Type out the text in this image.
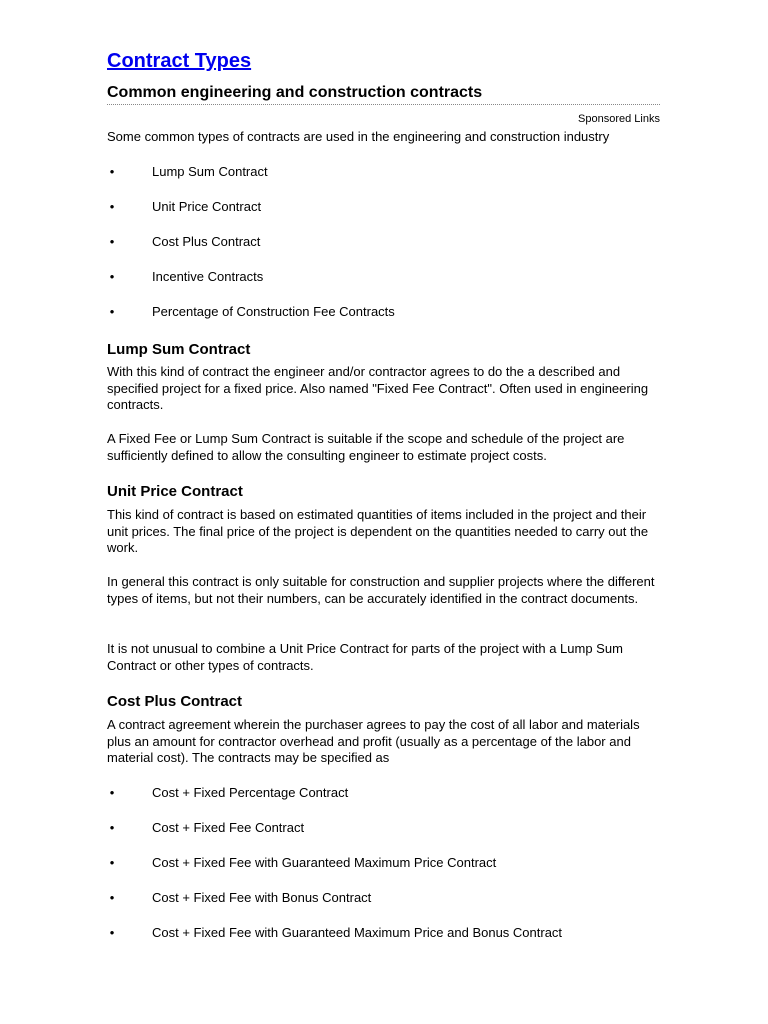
Contract Types
Common engineering and construction contracts
Sponsored Links
Some common types of contracts are used in the engineering and construction industry
•	Lump Sum Contract
•	Unit Price Contract
•	Cost Plus Contract
•	Incentive Contracts
•	Percentage of Construction Fee Contracts
Lump Sum Contract
With this kind of contract the engineer and/or contractor agrees to do the a described and specified project for a fixed price. Also named "Fixed Fee Contract". Often used in engineering contracts.
A Fixed Fee or Lump Sum Contract is suitable if the scope and schedule of the project are sufficiently defined to allow the consulting engineer to estimate project costs.
Unit Price Contract
This kind of contract is based on estimated quantities of items included in the project and their unit prices. The final price of the project is dependent on the quantities needed to carry out the work.
In general this contract is only suitable for construction and supplier projects where the different types of items, but not their numbers, can be accurately identified in the contract documents.
It is not unusual to combine a Unit Price Contract for parts of the project with a Lump Sum Contract or other types of contracts.
Cost Plus Contract
A contract agreement wherein the purchaser agrees to pay the cost of all labor and materials plus an amount for contractor overhead and profit (usually as a percentage of the labor and material cost). The contracts may be specified as
•	Cost + Fixed Percentage Contract
•	Cost + Fixed Fee Contract
•	Cost + Fixed Fee with Guaranteed Maximum Price Contract
•	Cost + Fixed Fee with Bonus Contract
•	Cost + Fixed Fee with Guaranteed Maximum Price and Bonus Contract
